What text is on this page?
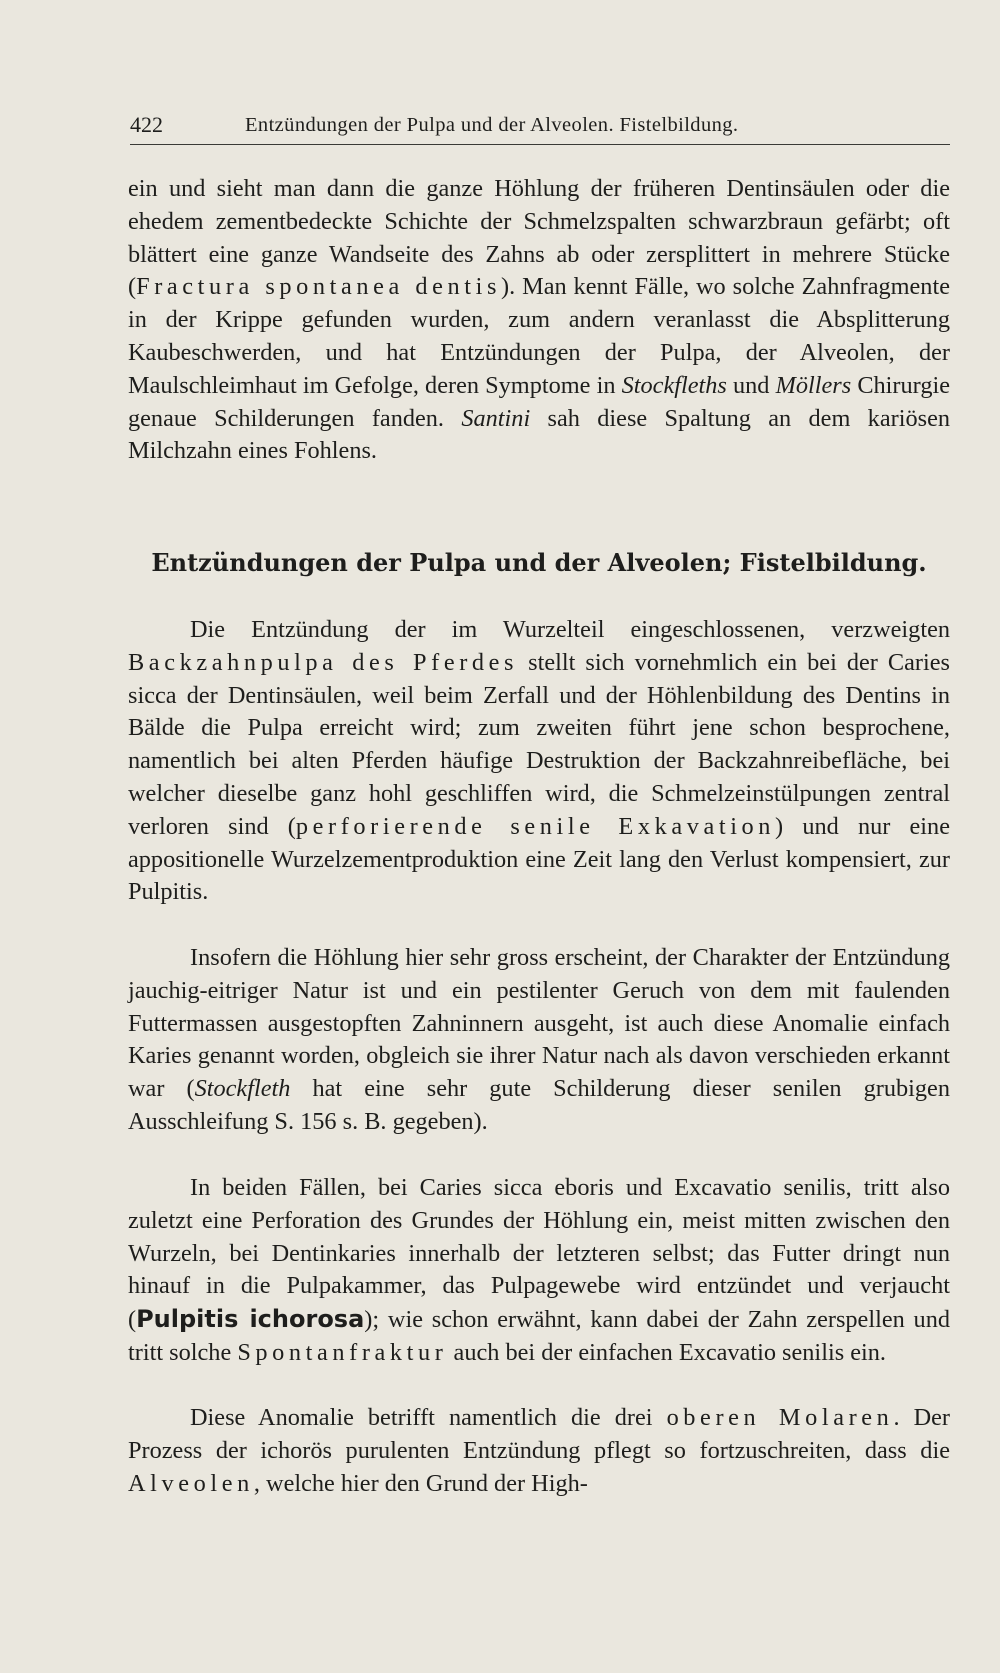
422	Entzündungen der Pulpa und der Alveolen. Fistelbildung.

ein und sieht man dann die ganze Höhlung der früheren Dentinsäulen oder die ehedem zementbedeckte Schichte der Schmelzspalten schwarzbraun gefärbt; oft blättert eine ganze Wandseite des Zahns ab oder zersplittert in mehrere Stücke (Fractura spontanea dentis). Man kennt Fälle, wo solche Zahnfragmente in der Krippe gefunden wurden, zum andern veranlasst die Absplitterung Kaubeschwerden, und hat Entzündungen der Pulpa, der Alveolen, der Maulschleimhaut im Gefolge, deren Symptome in Stockfleths und Möllers Chirurgie genaue Schilderungen fanden. Santini sah diese Spaltung an dem kariösen Milchzahn eines Fohlens.

Entzündungen der Pulpa und der Alveolen; Fistelbildung.

Die Entzündung der im Wurzelteil eingeschlossenen, verzweigten Backzahnpulpa des Pferdes stellt sich vornehmlich ein bei der Caries sicca der Dentinsäulen, weil beim Zerfall und der Höhlenbildung des Dentins in Bälde die Pulpa erreicht wird; zum zweiten führt jene schon besprochene, namentlich bei alten Pferden häufige Destruktion der Backzahnreibefläche, bei welcher dieselbe ganz hohl geschliffen wird, die Schmelzeinstülpungen zentral verloren sind (perforierende senile Exkavation) und nur eine appositionelle Wurzelzementproduktion eine Zeit lang den Verlust kompensiert, zur Pulpitis.

Insofern die Höhlung hier sehr gross erscheint, der Charakter der Entzündung jauchig-eitriger Natur ist und ein pestilenter Geruch von dem mit faulenden Futtermassen ausgestopften Zahninnern ausgeht, ist auch diese Anomalie einfach Karies genannt worden, obgleich sie ihrer Natur nach als davon verschieden erkannt war (Stockfleth hat eine sehr gute Schilderung dieser senilen grubigen Ausschleifung S. 156 s. B. gegeben).

In beiden Fällen, bei Caries sicca eboris und Excavatio senilis, tritt also zuletzt eine Perforation des Grundes der Höhlung ein, meist mitten zwischen den Wurzeln, bei Dentinkaries innerhalb der letzteren selbst; das Futter dringt nun hinauf in die Pulpakammer, das Pulpagewebe wird entzündet und verjaucht (Pulpitis ichorosa); wie schon erwähnt, kann dabei der Zahn zerspellen und tritt solche Spontanfraktur auch bei der einfachen Excavatio senilis ein.

Diese Anomalie betrifft namentlich die drei oberen Molaren. Der Prozess der ichorös purulenten Entzündung pflegt so fortzuschreiten, dass die Alveolen, welche hier den Grund der High-
